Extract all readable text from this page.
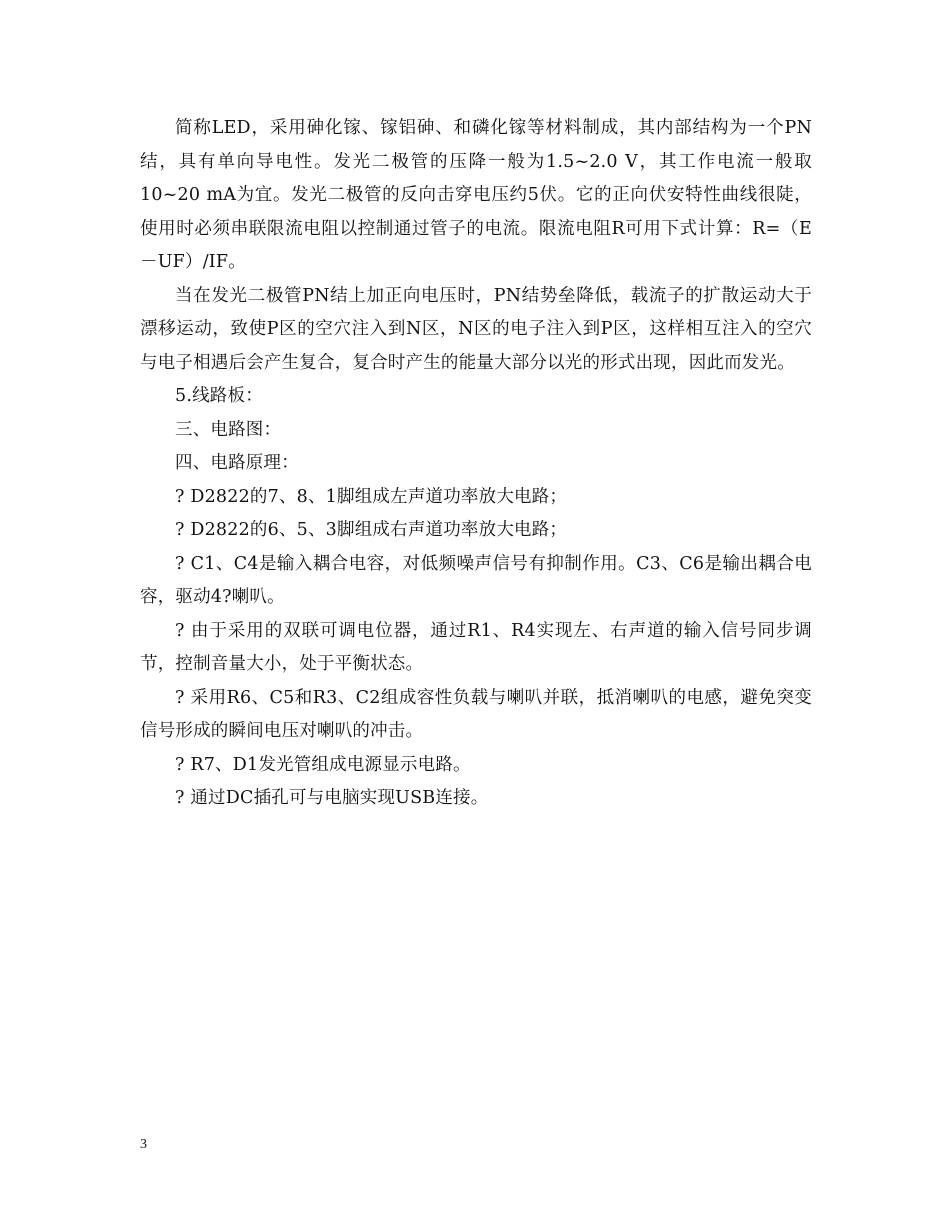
简称LED，采用砷化镓、镓铝砷、和磷化镓等材料制成，其内部结构为一个PN结，具有单向导电性。发光二极管的压降一般为1.5~2.0 V，其工作电流一般取10~20 mA为宜。发光二极管的反向击穿电压约5伏。它的正向伏安特性曲线很陡，使用时必须串联限流电阻以控制通过管子的电流。限流电阻R可用下式计算：R=（E－UF）/IF。

当在发光二极管PN结上加正向电压时，PN结势垒降低，载流子的扩散运动大于漂移运动，致使P区的空穴注入到N区，N区的电子注入到P区，这样相互注入的空穴与电子相遇后会产生复合，复合时产生的能量大部分以光的形式出现，因此而发光。

5.线路板：

三、电路图：

四、电路原理：

? D2822的7、8、1脚组成左声道功率放大电路；

? D2822的6、5、3脚组成右声道功率放大电路；

? C1、C4是输入耦合电容，对低频噪声信号有抑制作用。C3、C6是输出耦合电容，驱动4?喇叭。

? 由于采用的双联可调电位器，通过R1、R4实现左、右声道的输入信号同步调节，控制音量大小，处于平衡状态。

? 采用R6、C5和R3、C2组成容性负载与喇叭并联，抵消喇叭的电感，避免突变信号形成的瞬间电压对喇叭的冲击。

? R7、D1发光管组成电源显示电路。

? 通过DC插孔可与电脑实现USB连接。

3
